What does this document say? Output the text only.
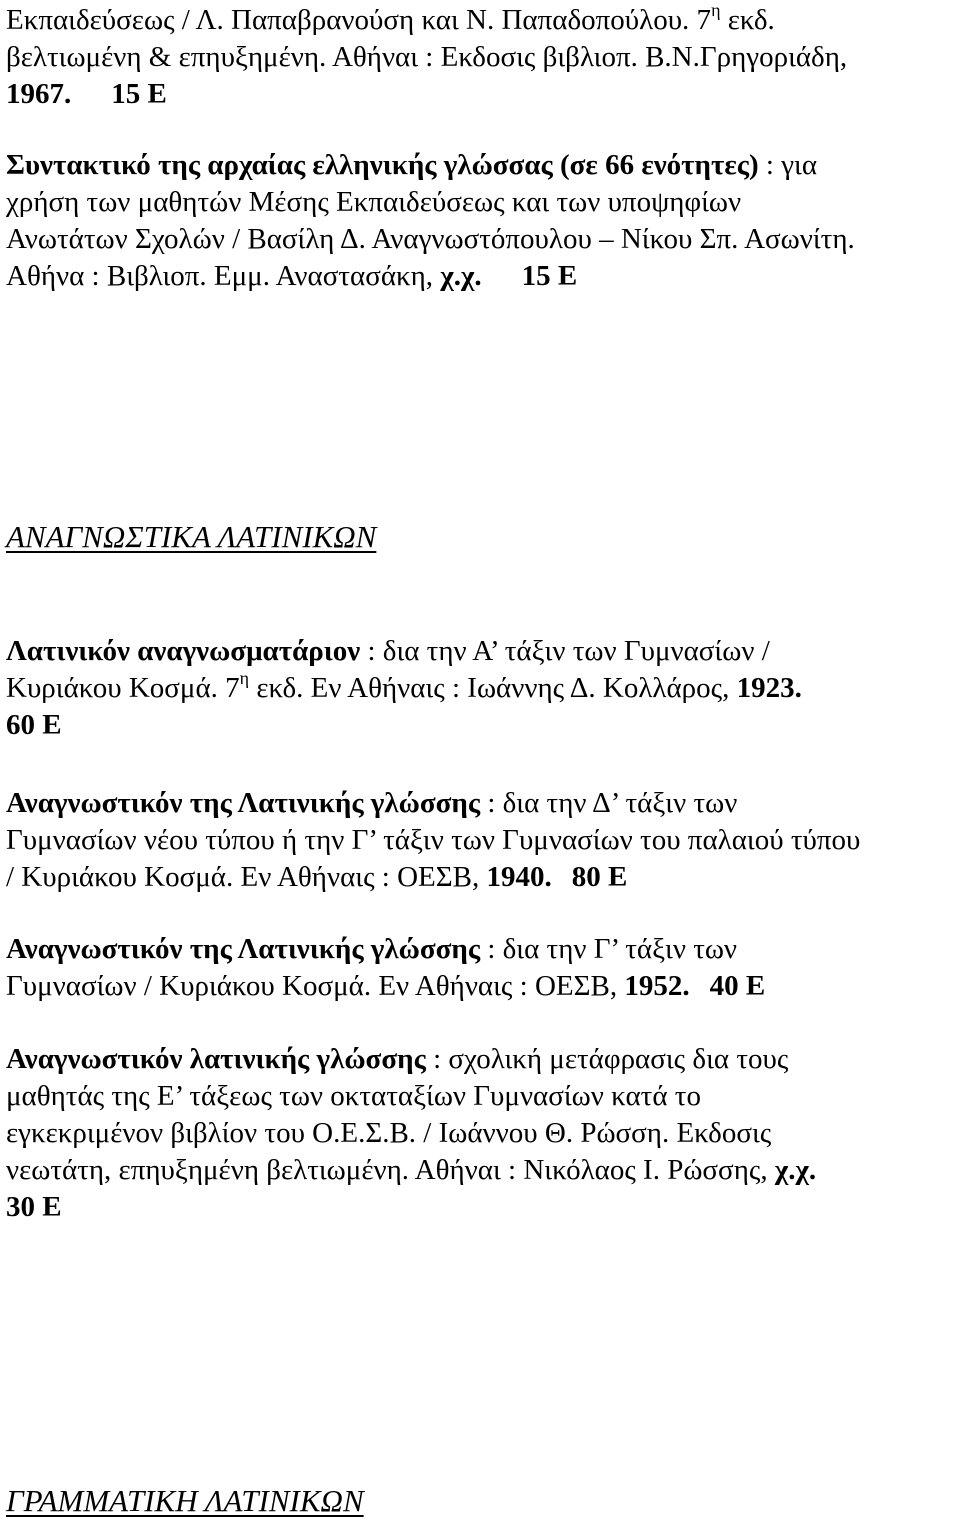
Εκπαιδεύσεως / Λ. Παπαβρανούση και Ν. Παπαδοπούλου. $7^\eta$ εκδ.
βελτιωμένη & επηυξημένη. Αθήναι : Εκδοσις βιβλιοπ. Β.Ν.Γρηγοριάδη,
1967. 15 Ε
Συντακτικό της αρχαίας ελληνικής γλώσσας (σε 66 ενότητες) : για
χρήση των μαθητών Μέσης Εκπαιδεύσεως και των υποψηφίων
Ανωτάτων Σχολών / Βασίλη Δ. Αναγνωστόπουλου – Νίκου Σπ. Ασωνίτη.
Αθήνα : Βιβλιοπ. Εμμ. Αναστασάκη, χ.χ. 15 Ε
ΑΝΑΓΝΩΣΤΙΚΑ ΛΑΤΙΝΙΚΩΝ
Λατινικόν αναγνωσματάριον : δια την Α’ τάξιν των Γυμνασίων /
Κυριάκου Κοσμά. $7^\eta$ εκδ. Εν Αθήναις : Ιωάννης Δ. Κολλάρος, 1923.
60 Ε
Αναγνωστικόν της Λατινικής γλώσσης : δια την Δ’ τάξιν των
Γυμνασίων νέου τύπου ή την Γ’ τάξιν των Γυμνασίων του παλαιού τύπου
/ Κυριάκου Κοσμά. Εν Αθήναις : ΟΕΣΒ, 1940. 80 Ε
Αναγνωστικόν της Λατινικής γλώσσης : δια την Γ’ τάξιν των
Γυμνασίων / Κυριάκου Κοσμά. Εν Αθήναις : ΟΕΣΒ, 1952. 40 Ε
Αναγνωστικόν λατινικής γλώσσης : σχολική μετάφρασις δια τους
μαθητάς της Ε’ τάξεως των οκταταξίων Γυμνασίων κατά το
εγκεκριμένον βιβλίον του Ο.Ε.Σ.Β. / Ιωάννου Θ. Ρώσση. Εκδοσις
νεωτάτη, επηυξημένη βελτιωμένη. Αθήναι : Νικόλαος Ι. Ρώσσης, χ.χ.
30 Ε
ΓΡΑΜΜΑΤΙΚΗ ΛΑΤΙΝΙΚΩΝ
